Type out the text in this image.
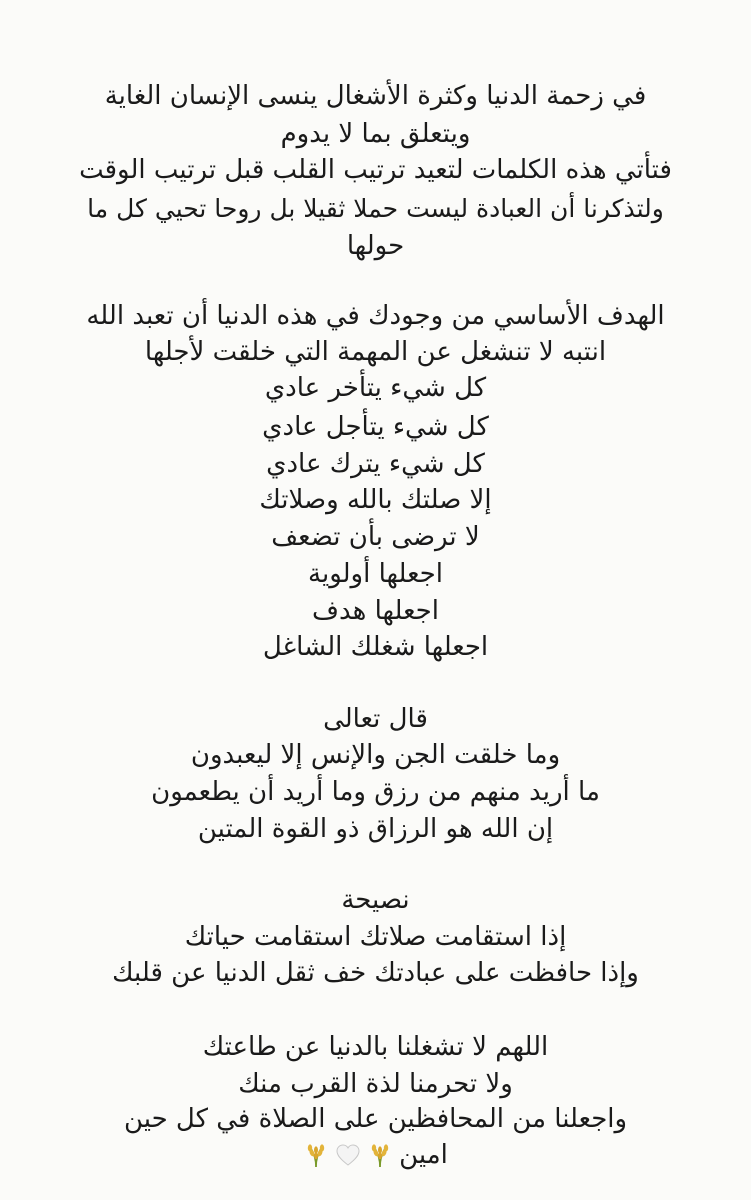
في زحمة الدنيا وكثرة الأشغال ينسى الإنسان الغاية
ويتعلق بما لا يدوم
فتأتي هذه الكلمات لتعيد ترتيب القلب قبل ترتيب الوقت
ولتذكرنا أن العبادة ليست حملا ثقيلا بل روحا تحيي كل ما
حولها
الهدف الأساسي من وجودك في هذه الدنيا أن تعبد الله
انتبه لا تنشغل عن المهمة التي خلقت لأجلها
كل شيء يتأخر عادي
كل شيء يتأجل عادي
كل شيء يترك عادي
إلا صلتك بالله وصلاتك
لا ترضى بأن تضعف
اجعلها أولوية
اجعلها هدف
اجعلها شغلك الشاغل
قال تعالى
وما خلقت الجن والإنس إلا ليعبدون
ما أريد منهم من رزق وما أريد أن يطعمون
إن الله هو الرزاق ذو القوة المتين
نصيحة
إذا استقامت صلاتك استقامت حياتك
وإذا حافظت على عبادتك خف ثقل الدنيا عن قلبك
اللهم لا تشغلنا بالدنيا عن طاعتك
ولا تحرمنا لذة القرب منك
واجعلنا من المحافظين على الصلاة في كل حين
امين
